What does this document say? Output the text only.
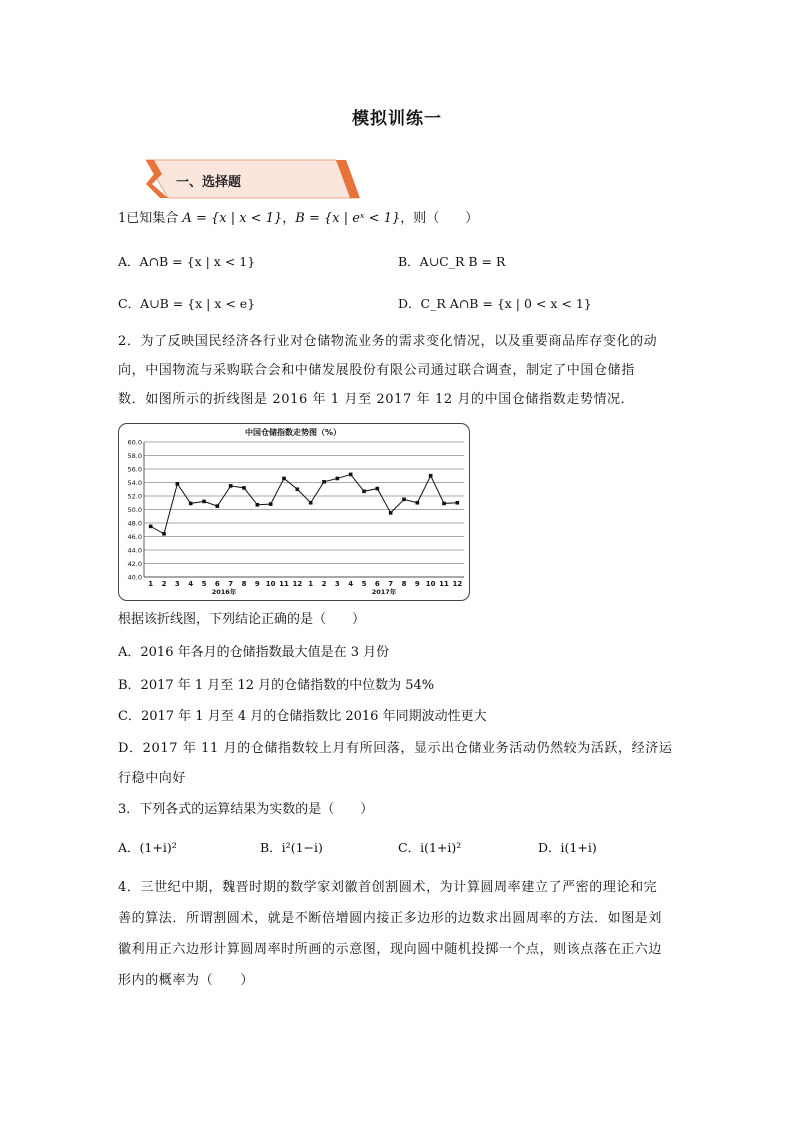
模拟训练一
一、选择题
1已知集合 A = {x | x < 1}，B = {x | eˣ < 1}，则（　　）
A．A∩B = {x | x < 1}	B．A∪C_R B = R
C．A∪B = {x | x < e}	D．C_R A∩B = {x | 0 < x < 1}
2．为了反映国民经济各行业对仓储物流业务的需求变化情况，以及重要商品库存变化的动
向，中国物流与采购联合会和中储发展股份有限公司通过联合调查，制定了中国仓储指
数．如图所示的折线图是 2016 年 1 月至 2017 年 12 月的中国仓储指数走势情况．
中国仓储指数走势图（%）
40.0
42.0
44.0
46.0
48.0
50.0
52.0
54.0
56.0
58.0
60.0
1 2 3 4 5 6 7 8 9 10 11 12 1 2 3 4 5 6 7 8 9 10 11 12
2016年	2017年
根据该折线图，下列结论正确的是（　　）
A．2016 年各月的仓储指数最大值是在 3 月份
B．2017 年 1 月至 12 月的仓储指数的中位数为 54%
C．2017 年 1 月至 4 月的仓储指数比 2016 年同期波动性更大
D．2017 年 11 月的仓储指数较上月有所回落，显示出仓储业务活动仍然较为活跃，经济运
行稳中向好
3．下列各式的运算结果为实数的是（　　）
A．(1+i)²	B．i²(1−i)	C．i(1+i)²	D．i(1+i)
4．三世纪中期，魏晋时期的数学家刘徽首创割圆术，为计算圆周率建立了严密的理论和完
善的算法．所谓割圆术，就是不断倍增圆内接正多边形的边数求出圆周率的方法．如图是刘
徽利用正六边形计算圆周率时所画的示意图，现向圆中随机投掷一个点，则该点落在正六边
形内的概率为（　　）
